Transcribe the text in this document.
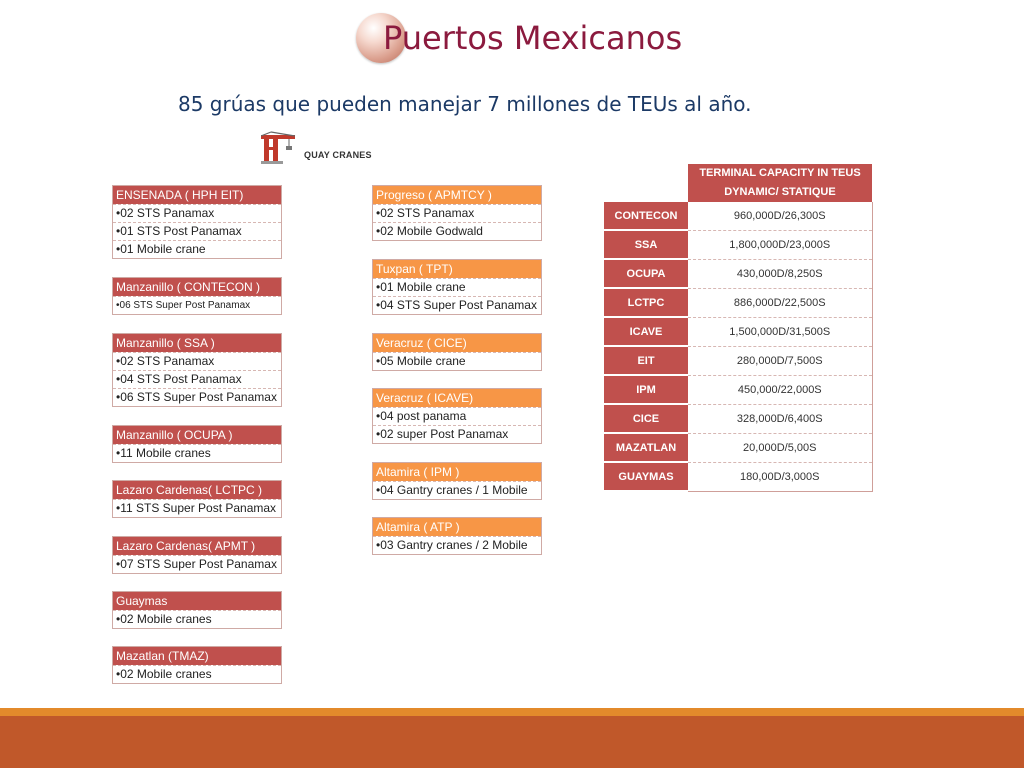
Puertos Mexicanos
85 grúas que pueden manejar 7 millones de TEUs al año.
QUAY CRANES
ENSENADA ( HPH EIT)
•02 STS Panamax
•01 STS Post Panamax
•01 Mobile crane
Manzanillo ( CONTECON )
•06 STS Super Post Panamax
Manzanillo ( SSA )
•02 STS Panamax
•04 STS Post Panamax
•06 STS Super Post Panamax
Manzanillo ( OCUPA )
•11 Mobile cranes
Lazaro Cardenas( LCTPC )
•11 STS Super Post Panamax
Lazaro Cardenas( APMT )
•07 STS Super Post Panamax
Guaymas
•02 Mobile cranes
Mazatlan (TMAZ)
•02 Mobile cranes
Progreso ( APMTCY )
•02 STS Panamax
•02 Mobile Godwald
Tuxpan ( TPT)
•01 Mobile crane
•04 STS Super Post Panamax
Veracruz ( CICE)
•05 Mobile crane
Veracruz ( ICAVE)
•04 post panama
•02 super Post Panamax
Altamira ( IPM )
•04 Gantry cranes / 1 Mobile
Altamira ( ATP )
•03 Gantry cranes / 2 Mobile

	TERMINAL CAPACITY IN TEUS
DYNAMIC/ STATIQUE

CONTECON	960,000D/26,300S
SSA	1,800,000D/23,000S
OCUPA	430,000D/8,250S
LCTPC	886,000D/22,500S
ICAVE	1,500,000D/31,500S
EIT	280,000D/7,500S
IPM	450,000/22,000S
CICE	328,000D/6,400S
MAZATLAN	20,000D/5,00S
GUAYMAS	180,00D/3,000S
